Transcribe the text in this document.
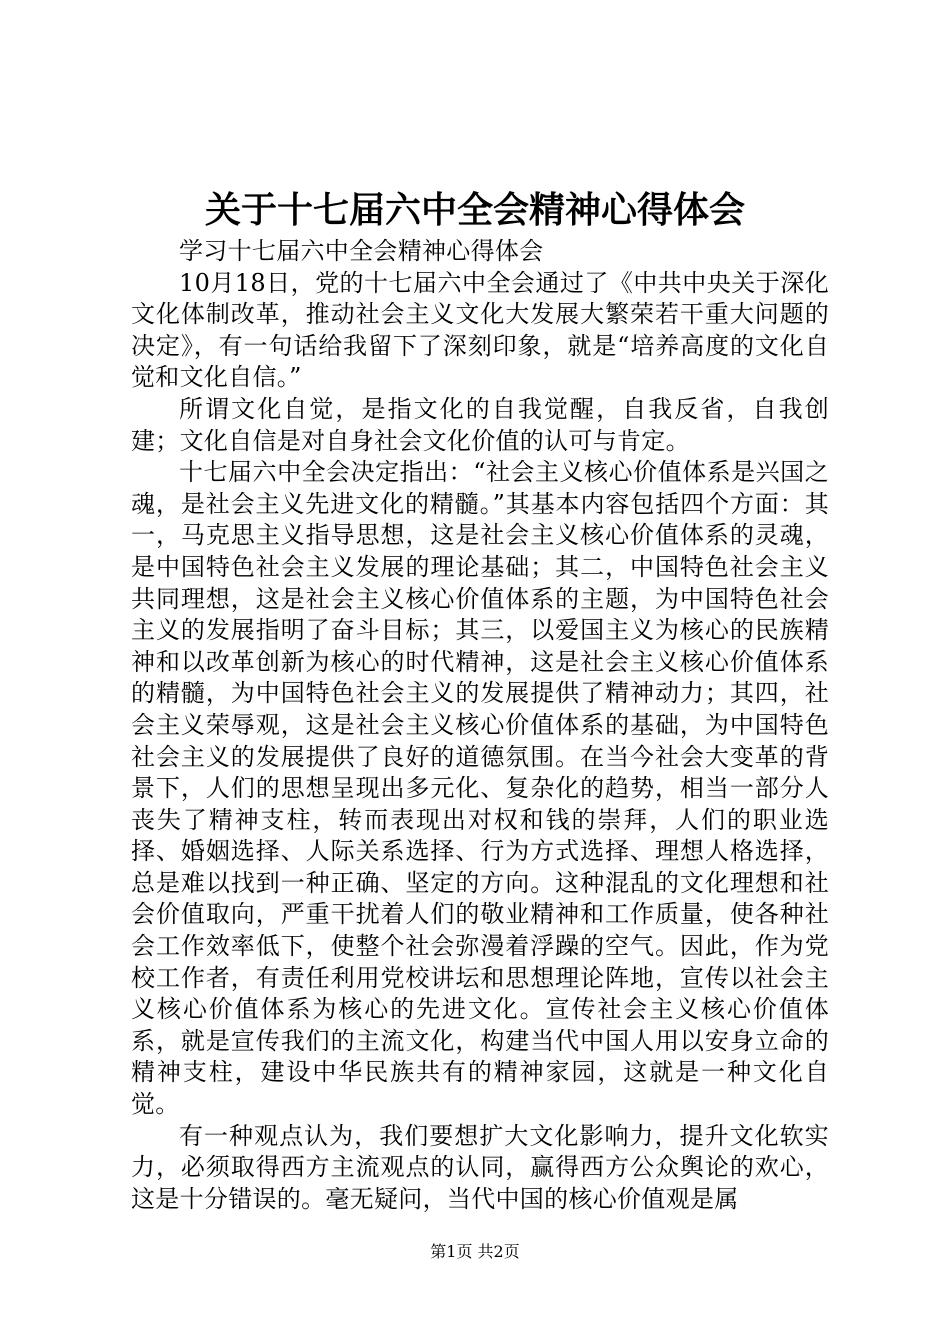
关于十七届六中全会精神心得体会

学习十七届六中全会精神心得体会

10月18日，党的十七届六中全会通过了《中共中央关于深化文化体制改革，推动社会主义文化大发展大繁荣若干重大问题的决定》，有一句话给我留下了深刻印象，就是“培养高度的文化自觉和文化自信。”

所谓文化自觉，是指文化的自我觉醒，自我反省，自我创建；文化自信是对自身社会文化价值的认可与肯定。

十七届六中全会决定指出：“社会主义核心价值体系是兴国之魂，是社会主义先进文化的精髓。”其基本内容包括四个方面：其一，马克思主义指导思想，这是社会主义核心价值体系的灵魂，是中国特色社会主义发展的理论基础；其二，中国特色社会主义共同理想，这是社会主义核心价值体系的主题，为中国特色社会主义的发展指明了奋斗目标；其三，以爱国主义为核心的民族精神和以改革创新为核心的时代精神，这是社会主义核心价值体系的精髓，为中国特色社会主义的发展提供了精神动力；其四，社会主义荣辱观，这是社会主义核心价值体系的基础，为中国特色社会主义的发展提供了良好的道德氛围。在当今社会大变革的背景下，人们的思想呈现出多元化、复杂化的趋势，相当一部分人丧失了精神支柱，转而表现出对权和钱的崇拜，人们的职业选择、婚姻选择、人际关系选择、行为方式选择、理想人格选择，总是难以找到一种正确、坚定的方向。这种混乱的文化理想和社会价值取向，严重干扰着人们的敬业精神和工作质量，使各种社会工作效率低下，使整个社会弥漫着浮躁的空气。因此，作为党校工作者，有责任利用党校讲坛和思想理论阵地，宣传以社会主义核心价值体系为核心的先进文化。宣传社会主义核心价值体系，就是宣传我们的主流文化，构建当代中国人用以安身立命的精神支柱，建设中华民族共有的精神家园，这就是一种文化自觉。

有一种观点认为，我们要想扩大文化影响力，提升文化软实力，必须取得西方主流观点的认同，赢得西方公众舆论的欢心，这是十分错误的。毫无疑问，当代中国的核心价值观是属

第1页 共2页
